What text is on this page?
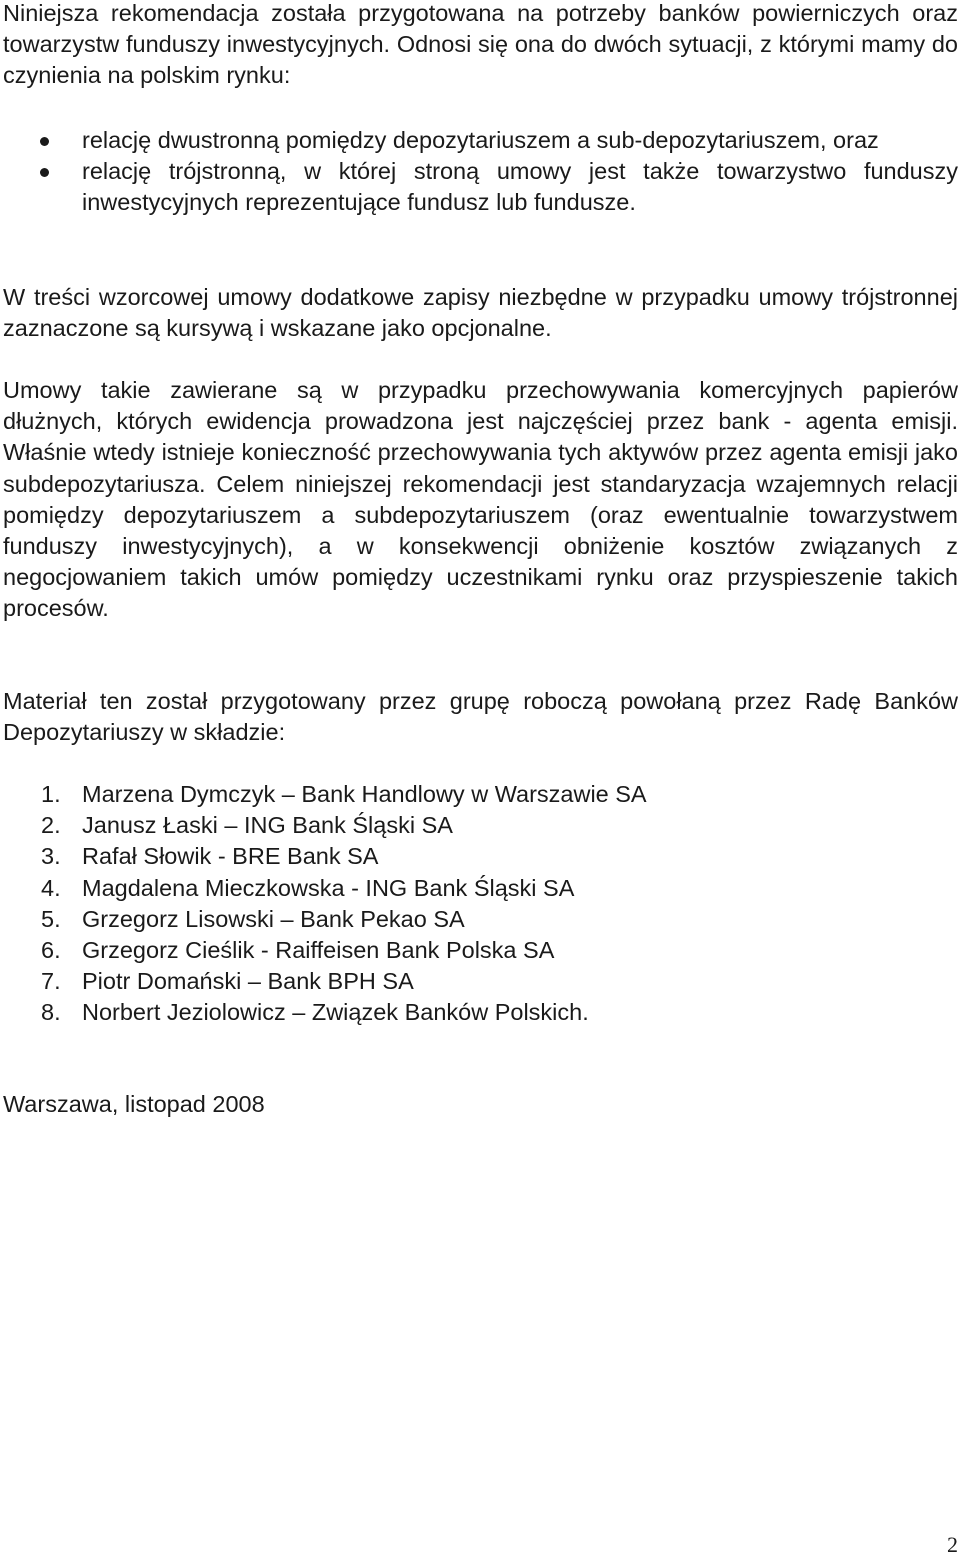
Niniejsza rekomendacja została przygotowana na potrzeby banków powierniczych oraz towarzystw funduszy inwestycyjnych. Odnosi się ona do dwóch sytuacji, z którymi mamy do czynienia na polskim rynku:

relację dwustronną pomiędzy depozytariuszem a sub-depozytariuszem, oraz
relację trójstronną, w której stroną umowy jest także towarzystwo funduszy inwestycyjnych reprezentujące fundusz lub fundusze.

W treści wzorcowej umowy dodatkowe zapisy niezbędne w przypadku umowy trójstronnej zaznaczone są kursywą i wskazane jako opcjonalne.

Umowy takie zawierane są w przypadku przechowywania komercyjnych papierów dłużnych, których ewidencja prowadzona jest najczęściej przez bank - agenta emisji. Właśnie wtedy istnieje konieczność przechowywania tych aktywów przez agenta emisji jako subdepozytariusza. Celem niniejszej rekomendacji jest standaryzacja wzajemnych relacji pomiędzy depozytariuszem a subdepozytariuszem (oraz ewentualnie towarzystwem funduszy inwestycyjnych), a w konsekwencji obniżenie kosztów związanych z negocjowaniem takich umów pomiędzy uczestnikami rynku oraz przyspieszenie takich procesów.

Materiał ten został przygotowany przez grupę roboczą powołaną przez Radę Banków Depozytariuszy w składzie:

1. Marzena Dymczyk – Bank Handlowy w Warszawie SA
2. Janusz Łaski – ING Bank Śląski SA
3. Rafał Słowik - BRE Bank SA
4. Magdalena Mieczkowska - ING Bank Śląski SA
5. Grzegorz Lisowski – Bank Pekao SA
6. Grzegorz Cieślik - Raiffeisen Bank Polska SA
7. Piotr Domański – Bank BPH SA
8. Norbert Jeziolowicz – Związek Banków Polskich.

Warszawa, listopad 2008

2
